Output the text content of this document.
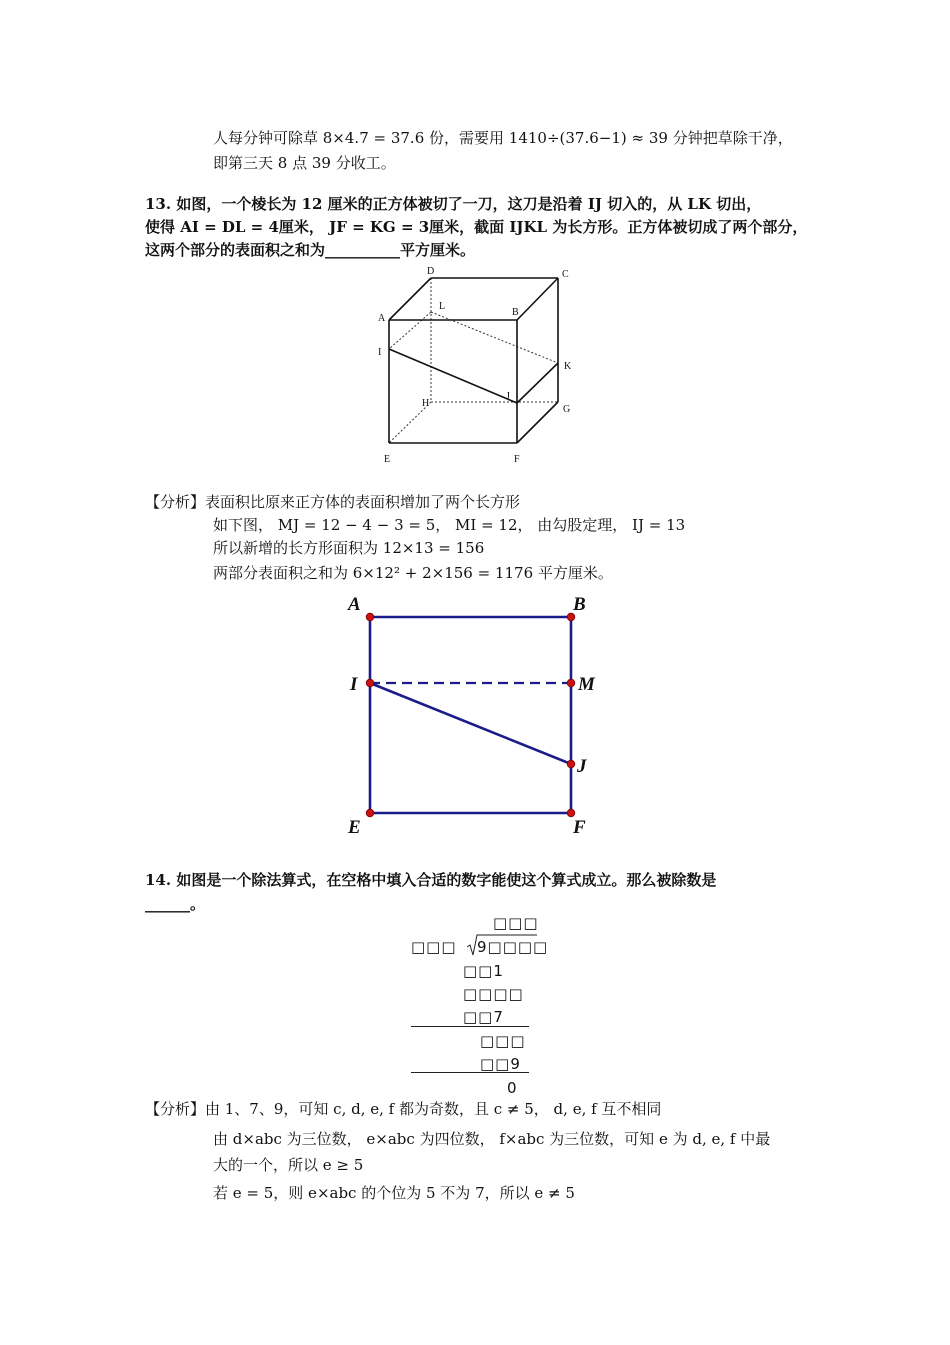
人每分钟可除草 8×4.7 = 37.6 份，需要用 1410÷(37.6−1) ≈ 39 分钟把草除干净，
即第三天 8 点 39 分收工。
13. 如图，一个棱长为 12 厘米的正方体被切了一刀，这刀是沿着 IJ 切入的，从 LK 切出，
使得 AI = DL = 4厘米， JF = KG = 3厘米，截面 IJKL 为长方形。正方体被切成了两个部分，
这两个部分的表面积之和为__________平方厘米。
D	C
L
A
B
I
K
H
J
G
E	F
【分析】表面积比原来正方体的表面积增加了两个长方形
如下图， MJ = 12 − 4 − 3 = 5， MI = 12， 由勾股定理， IJ = 13
所以新增的长方形面积为 12×13 = 156
两部分表面积之和为 6×12² + 2×156 = 1176 平方厘米。
A	B
I	M
J
E	F
14. 如图是一个除法算式，在空格中填入合适的数字能使这个算式成立。那么被除数是
______。
□□□
□□□ 9□□□□
□□1
□□□□
□□7
□□□
□□9
0
【分析】由 1、7、9，可知 c, d, e, f 都为奇数，且 c ≠ 5， d, e, f 互不相同
由 d×abc 为三位数， e×abc 为四位数， f×abc 为三位数，可知 e 为 d, e, f 中最
大的一个，所以 e ≥ 5
若 e = 5，则 e×abc 的个位为 5 不为 7，所以 e ≠ 5
